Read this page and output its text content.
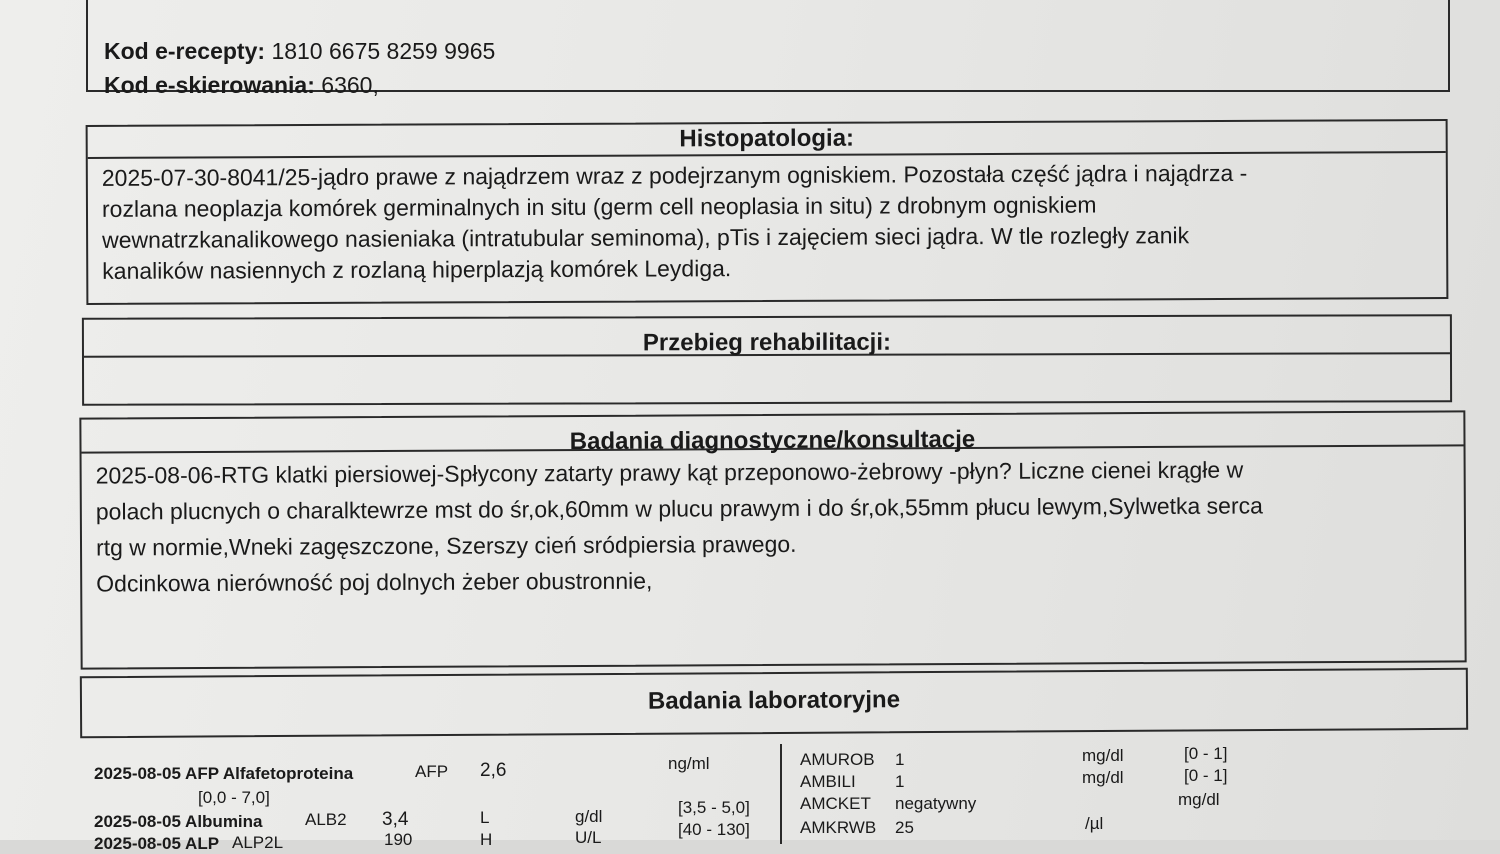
Kod e-recepty: 1810 6675 8259 9965
Kod e-skierowania: 6360,
Histopatologia:
2025-07-30-8041/25-jądro prawe z najądrzem wraz z podejrzanym ogniskiem. Pozostała część jądra i najądrza -
rozlana neoplazja komórek germinalnych in situ (germ cell neoplasia in situ) z drobnym ogniskiem
wewnatrzkanalikowego nasieniaka (intratubular seminoma), pTis i zajęciem sieci jądra. W tle rozległy zanik
kanalików nasiennych z rozlaną hiperplazją komórek Leydiga.
Przebieg rehabilitacji:
Badania diagnostyczne/konsultacje

2025-08-06-RTG klatki piersiowej-Spłycony zatarty prawy kąt przeponowo-żebrowy -płyn? Liczne cienei krągłe w

polach plucnych o charalktewrze mst do śr,ok,60mm w plucu prawym i do śr,ok,55mm płucu lewym,Sylwetka serca

rtg w normie,Wneki zagęszczone, Szerszy cień sródpiersia prawego.

Odcinkowa nierówność poj dolnych żeber obustronnie,

Badania laboratoryjne
2025-08-05 AFP Alfafetoproteina	AFP 2,6	ng/ml
[0,0 - 7,0]
2025-08-05 Albumina	ALB2 3,4	L	g/dl	[3,5 - 5,0]
2025-08-05 ALP ALP2L	190	H	U/L	[40 - 130]
AMUROB 1	mg/dl	[0 - 1]
AMBILI 1	mg/dl	[0 - 1]
AMCKET negatywny	mg/dl
AMKRWB 25	/µl
